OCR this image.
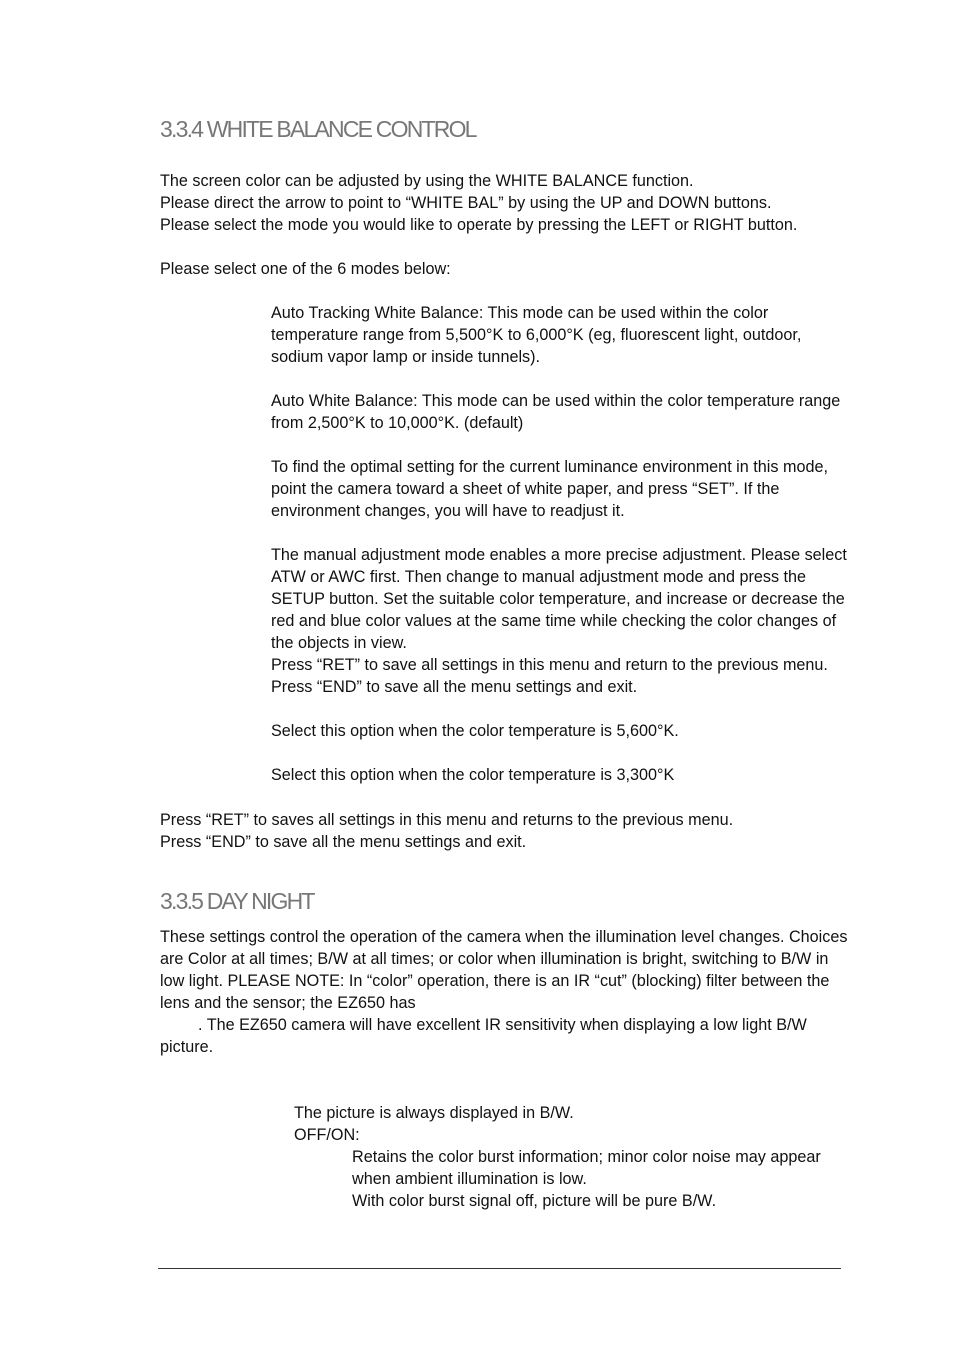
3.3.4 WHITE BALANCE CONTROL
The screen color can be adjusted by using the WHITE BALANCE function.
Please direct the arrow to point to “WHITE BAL” by using the UP and DOWN buttons.
Please select the mode you would like to operate by pressing the LEFT or RIGHT button.
Please select one of the 6 modes below:
Auto Tracking White Balance: This mode can be used within the color
temperature range from 5,500°K to 6,000°K (eg, fluorescent light, outdoor,
sodium vapor lamp or inside tunnels).
Auto White Balance: This mode can be used within the color temperature range
from 2,500°K to 10,000°K. (default)
To find the optimal setting for the current luminance environment in this mode,
point the camera toward a sheet of white paper, and press “SET”. If the
environment changes, you will have to readjust it.
The manual adjustment mode enables a more precise adjustment. Please select
ATW or AWC first. Then change to manual adjustment mode and press the
SETUP button. Set the suitable color temperature, and increase or decrease the
red and blue color values at the same time while checking the color changes of
the objects in view.
Press “RET” to save all settings in this menu and return to the previous menu.
Press “END” to save all the menu settings and exit.
Select this option when the color temperature is 5,600°K.
Select this option when the color temperature is 3,300°K
Press “RET” to saves all settings in this menu and returns to the previous menu.
Press “END” to save all the menu settings and exit.
3.3.5 DAY NIGHT
These settings control the operation of the camera when the illumination level changes. Choices
are Color at all times; B/W at all times; or color when illumination is bright, switching to B/W in
low light. PLEASE NOTE: In “color” operation, there is an IR “cut” (blocking) filter between the
lens and the sensor; the EZ650 has
. The EZ650 camera will have excellent IR sensitivity when displaying a low light B/W
picture.
The picture is always displayed in B/W.
OFF/ON:
Retains the color burst information; minor color noise may appear
when ambient illumination is low.
With color burst signal off, picture will be pure B/W.
